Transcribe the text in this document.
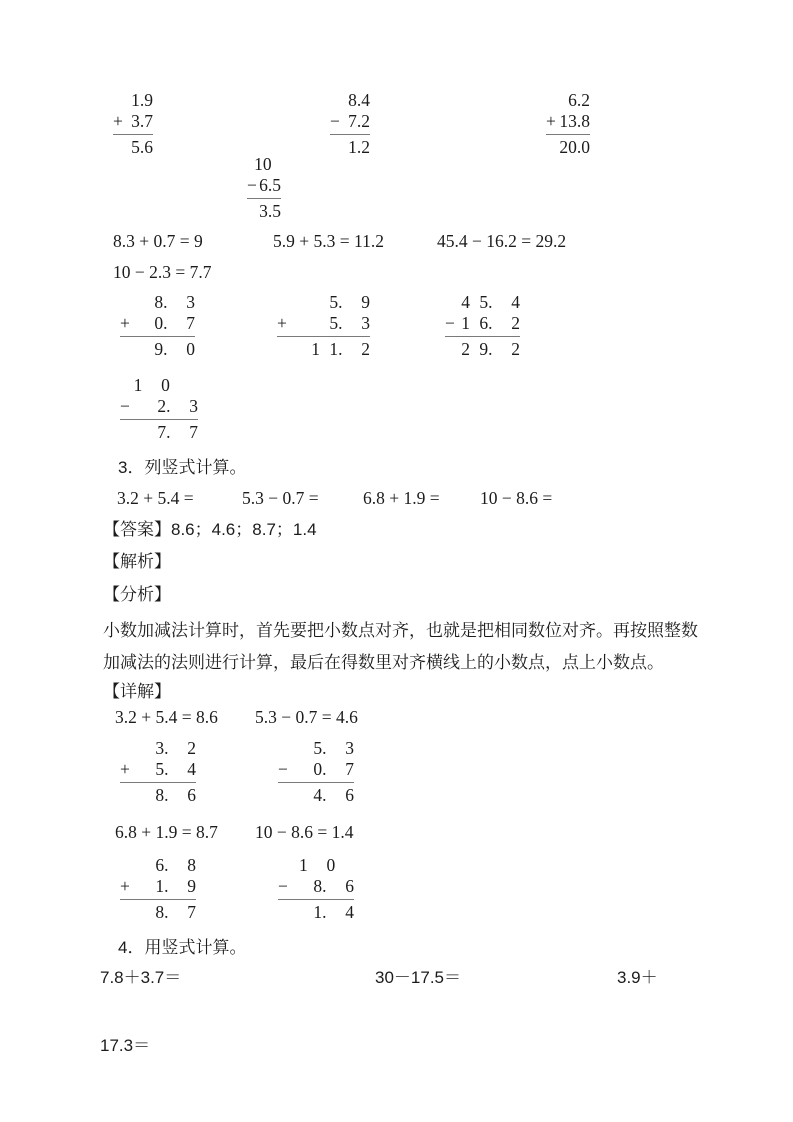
1.9
+ 3.7
5.6
8.4
− 7.2
1.2
6.2
+ 13.8
20.0
10
− 6.5
3.5
8.3 + 0.7 = 9	5.9 + 5.3 = 11.2	45.4 − 16.2 = 29.2
10 − 2.3 = 7.7
8.  3
+ 0.  7
9.  0
5.  9
+ 5.  3
1 1.  2
4 5.  4
− 1 6.  2
2 9.  2
1  0
− 2.  3
7.  7
3．列竖式计算。
3.2 + 5.4 =	5.3 − 0.7 =	6.8 + 1.9 = 10 − 8.6 =
【答案】8.6；4.6；8.7；1.4
【解析】
【分析】
小数加减法计算时，首先要把小数点对齐，也就是把相同数位对齐。再按照整数加减法的法则进行计算，最后在得数里对齐横线上的小数点，点上小数点。
【详解】
3.2 + 5.4 = 8.6 5.3 − 0.7 = 4.6
3.  2
+ 5.  4
8.  6
5.  3
− 0.  7
4.  6
6.8 + 1.9 = 8.7 10 − 8.6 = 1.4
6.  8
+ 1.  9
8.  7
1  0
− 8.  6
1.  4
4．用竖式计算。
7.8＋3.7＝	30－17.5＝	3.9＋
17.3＝
